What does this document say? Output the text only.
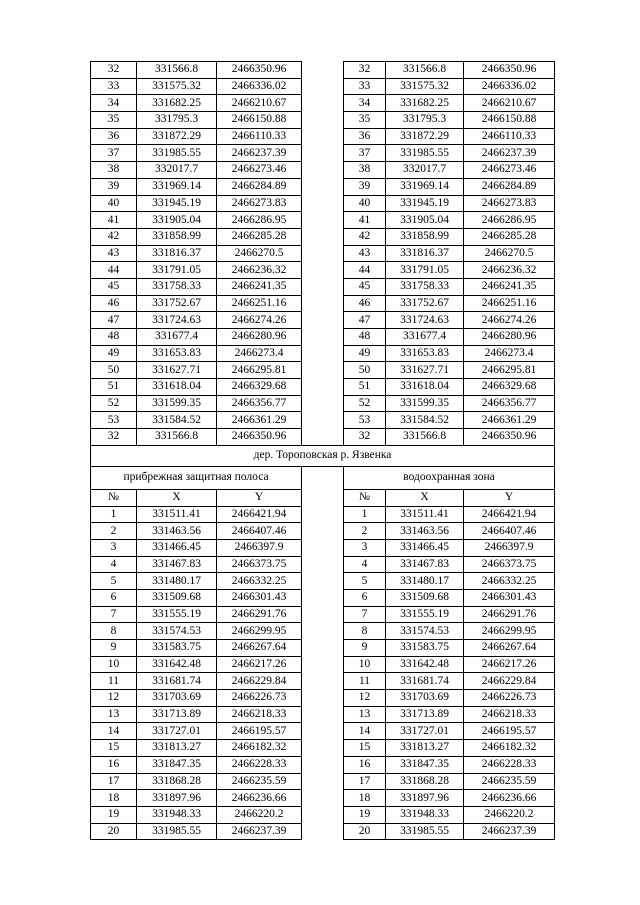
32	331566.8	2466350.96		32	331566.8	2466350.96
33	331575.32	2466336.02		33	331575.32	2466336.02
34	331682.25	2466210.67		34	331682.25	2466210.67
35	331795.3	2466150.88		35	331795.3	2466150.88
36	331872.29	2466110.33		36	331872.29	2466110.33
37	331985.55	2466237.39		37	331985.55	2466237.39
38	332017.7	2466273.46		38	332017.7	2466273.46
39	331969.14	2466284.89		39	331969.14	2466284.89
40	331945.19	2466273.83		40	331945.19	2466273.83
41	331905.04	2466286.95		41	331905.04	2466286.95
42	331858.99	2466285.28		42	331858.99	2466285.28
43	331816.37	2466270.5		43	331816.37	2466270.5
44	331791.05	2466236.32		44	331791.05	2466236.32
45	331758.33	2466241.35		45	331758.33	2466241.35
46	331752.67	2466251.16		46	331752.67	2466251.16
47	331724.63	2466274.26		47	331724.63	2466274.26
48	331677.4	2466280.96		48	331677.4	2466280.96
49	331653.83	2466273.4		49	331653.83	2466273.4
50	331627.71	2466295.81		50	331627.71	2466295.81
51	331618.04	2466329.68		51	331618.04	2466329.68
52	331599.35	2466356.77		52	331599.35	2466356.77
53	331584.52	2466361.29		53	331584.52	2466361.29
32	331566.8	2466350.96		32	331566.8	2466350.96
дер. Тороповская р. Язвенка						
прибрежная защитная полоса				водоохранная зона		
№	X	Y		№	X	Y
1	331511.41	2466421.94		1	331511.41	2466421.94
2	331463.56	2466407.46		2	331463.56	2466407.46
3	331466.45	2466397.9		3	331466.45	2466397.9
4	331467.83	2466373.75		4	331467.83	2466373.75
5	331480.17	2466332.25		5	331480.17	2466332.25
6	331509.68	2466301.43		6	331509.68	2466301.43
7	331555.19	2466291.76		7	331555.19	2466291.76
8	331574.53	2466299.95		8	331574.53	2466299.95
9	331583.75	2466267.64		9	331583.75	2466267.64
10	331642.48	2466217.26		10	331642.48	2466217.26
11	331681.74	2466229.84		11	331681.74	2466229.84
12	331703.69	2466226.73		12	331703.69	2466226.73
13	331713.89	2466218.33		13	331713.89	2466218.33
14	331727.01	2466195.57		14	331727.01	2466195.57
15	331813.27	2466182.32		15	331813.27	2466182.32
16	331847.35	2466228.33		16	331847.35	2466228.33
17	331868.28	2466235.59		17	331868.28	2466235.59
18	331897.96	2466236.66		18	331897.96	2466236.66
19	331948.33	2466220.2		19	331948.33	2466220.2
20	331985.55	2466237.39		20	331985.55	2466237.39
